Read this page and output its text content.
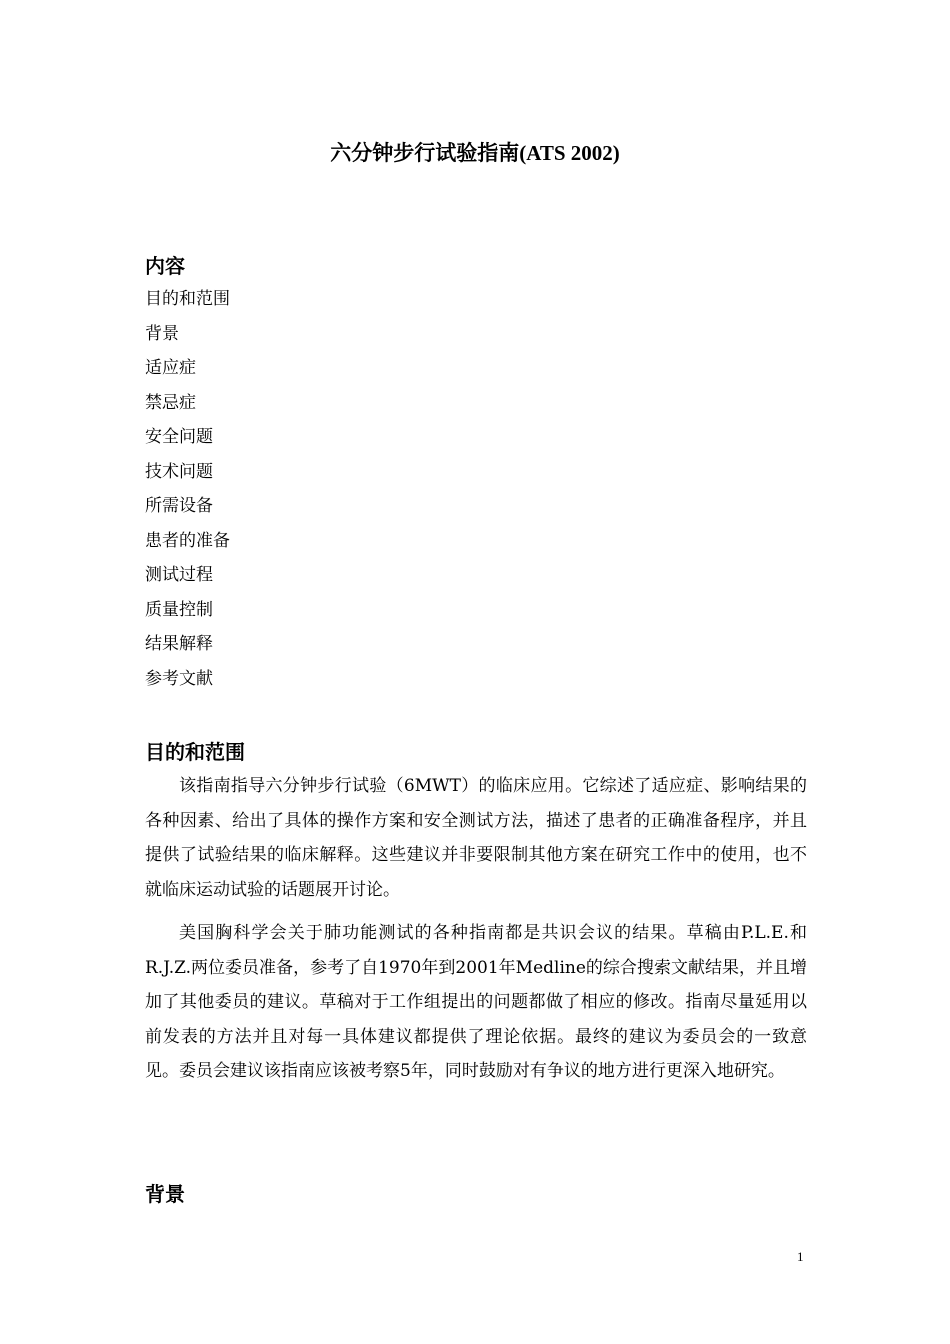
六分钟步行试验指南(ATS 2002)
内容
目的和范围
背景
适应症
禁忌症
安全问题
技术问题
所需设备
患者的准备
测试过程
质量控制
结果解释
参考文献
目的和范围

该指南指导六分钟步行试验（6MWT）的临床应用。它综述了适应症、影响结果的各种因素、给出了具体的操作方案和安全测试方法，描述了患者的正确准备程序，并且提供了试验结果的临床解释。这些建议并非要限制其他方案在研究工作中的使用，也不就临床运动试验的话题展开讨论。

美国胸科学会关于肺功能测试的各种指南都是共识会议的结果。草稿由P.L.E.和R.J.Z.两位委员准备，参考了自1970年到2001年Medline的综合搜索文献结果，并且增加了其他委员的建议。草稿对于工作组提出的问题都做了相应的修改。指南尽量延用以前发表的方法并且对每一具体建议都提供了理论依据。最终的建议为委员会的一致意见。委员会建议该指南应该被考察5年，同时鼓励对有争议的地方进行更深入地研究。

背景
1
